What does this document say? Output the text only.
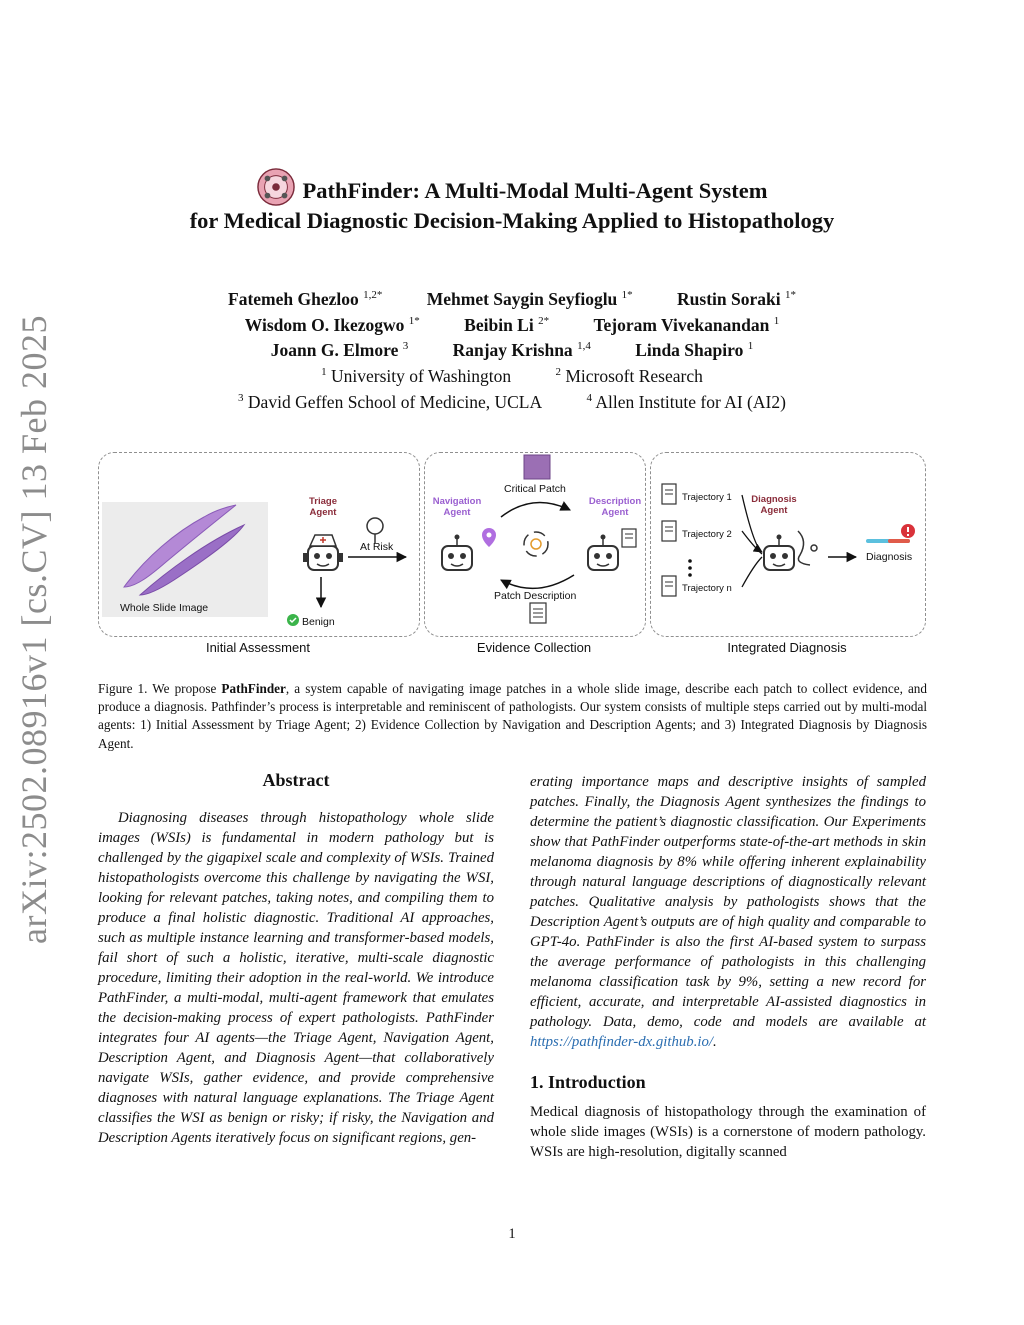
arXiv:2502.08916v1 [cs.CV] 13 Feb 2025
PathFinder: A Multi-Modal Multi-Agent System
for Medical Diagnostic Decision-Making Applied to Histopathology
Fatemeh Ghezloo $^{1,2*}$	Mehmet Saygin Seyfioglu $^{1*}$	Rustin Soraki $^{1*}$
Wisdom O. Ikezogwo $^{1*}$	Beibin Li $^{2*}$	Tejoram Vivekanandan $^1$
Joann G. Elmore $^3$	Ranjay Krishna $^{1,4}$	Linda Shapiro $^1$
$^1$ University of Washington	$^2$ Microsoft Research
$^3$ David Geffen School of Medicine, UCLA	$^4$ Allen Institute for AI (AI2)
Initial Assessment	Evidence Collection	Integrated Diagnosis
Whole Slide Image
Triage
Agent
At Risk
Benign
Navigation
Agent
Critical Patch
Description
Agent
Patch Description
Trajectory 1
Trajectory 2
Trajectory n
Diagnosis
Agent
Diagnosis
Figure 1. We propose PathFinder, a system capable of navigating image patches in a whole slide image, describe each patch to collect evidence, and produce a diagnosis. Pathfinder’s process is interpretable and reminiscent of pathologists. Our system consists of multiple steps carried out by multi-modal agents: 1) Initial Assessment by Triage Agent; 2) Evidence Collection by Navigation and Description Agents; and 3) Integrated Diagnosis by Diagnosis Agent.
Abstract

Diagnosing diseases through histopathology whole slide images (WSIs) is fundamental in modern pathology but is challenged by the gigapixel scale and complexity of WSIs. Trained histopathologists overcome this challenge by navigating the WSI, looking for relevant patches, taking notes, and compiling them to produce a final holistic diagnostic. Traditional AI approaches, such as multiple instance learning and transformer-based models, fail short of such a holistic, iterative, multi-scale diagnostic procedure, limiting their adoption in the real-world. We introduce PathFinder, a multi-modal, multi-agent framework that emulates the decision-making process of expert pathologists. PathFinder integrates four AI agents—the Triage Agent, Navigation Agent, Description Agent, and Diagnosis Agent—that collaboratively navigate WSIs, gather evidence, and provide comprehensive diagnoses with natural language explanations. The Triage Agent classifies the WSI as benign or risky; if risky, the Navigation and Description Agents iteratively focus on significant regions, gen-

erating importance maps and descriptive insights of sampled patches. Finally, the Diagnosis Agent synthesizes the findings to determine the patient’s diagnostic classification. Our Experiments show that PathFinder outperforms state-of-the-art methods in skin melanoma diagnosis by 8% while offering inherent explainability through natural language descriptions of diagnostically relevant patches. Qualitative analysis by pathologists shows that the Description Agent’s outputs are of high quality and comparable to GPT-4o. PathFinder is also the first AI-based system to surpass the average performance of pathologists in this challenging melanoma classification task by 9%, setting a new record for efficient, accurate, and interpretable AI-assisted diagnostics in pathology. Data, demo, code and models are available at https://pathfinder-dx.github.io/.

1. Introduction

Medical diagnosis of histopathology through the examination of whole slide images (WSIs) is a cornerstone of modern pathology. WSIs are high-resolution, digitally scanned

1
